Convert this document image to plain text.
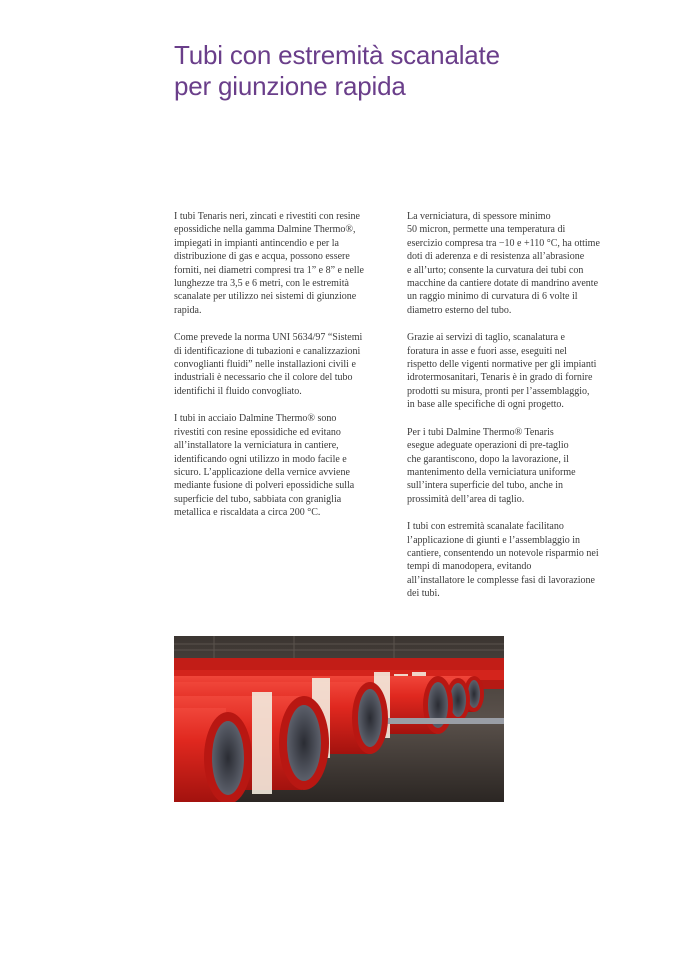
Tubi con estremità scanalate
per giunzione rapida

I tubi Tenaris neri, zincati e rivestiti con resine
epossidiche nella gamma Dalmine Thermo®,
impiegati in impianti antincendio e per la
distribuzione di gas e acqua, possono essere
forniti, nei diametri compresi tra 1” e 8” e nelle
lunghezze tra 3,5 e 6 metri, con le estremità
scanalate per utilizzo nei sistemi di giunzione
rapida.

Come prevede la norma UNI 5634/97 “Sistemi
di identificazione di tubazioni e canalizzazioni
convoglianti fluidi” nelle installazioni civili e
industriali è necessario che il colore del tubo
identifichi il fluido convogliato.

I tubi in acciaio Dalmine Thermo® sono
rivestiti con resine epossidiche ed evitano
all’installatore la verniciatura in cantiere,
identificando ogni utilizzo in modo facile e
sicuro. L’applicazione della vernice avviene
mediante fusione di polveri epossidiche sulla
superficie del tubo, sabbiata con graniglia
metallica e riscaldata a circa 200 °C.

La verniciatura, di spessore minimo
50 micron, permette una temperatura di
esercizio compresa tra −10 e +110 °C, ha ottime
doti di aderenza e di resistenza all’abrasione
e all’urto; consente la curvatura dei tubi con
macchine da cantiere dotate di mandrino avente
un raggio minimo di curvatura di 6 volte il
diametro esterno del tubo.

Grazie ai servizi di taglio, scanalatura e
foratura in asse e fuori asse, eseguiti nel
rispetto delle vigenti normative per gli impianti
idrotermosanitari, Tenaris è in grado di fornire
prodotti su misura, pronti per l’assemblaggio,
in base alle specifiche di ogni progetto.

Per i tubi Dalmine Thermo® Tenaris
esegue adeguate operazioni di pre-taglio
che garantiscono, dopo la lavorazione, il
mantenimento della verniciatura uniforme
sull’intera superficie del tubo, anche in
prossimità dell’area di taglio.

I tubi con estremità scanalate facilitano
l’applicazione di giunti e l’assemblaggio in
cantiere, consentendo un notevole risparmio nei
tempi di manodopera, evitando
all’installatore le complesse fasi di lavorazione
dei tubi.
